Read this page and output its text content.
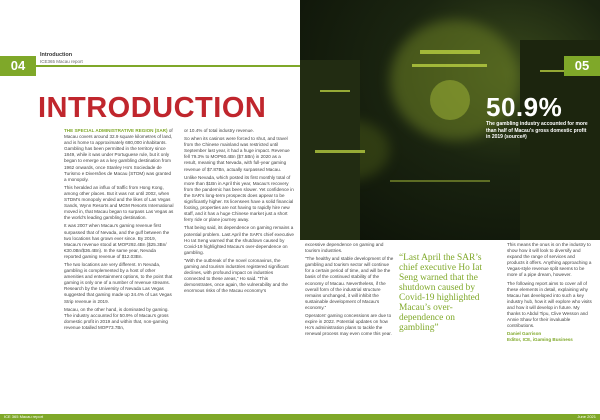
04
Introduction
ICE365 Macau report	05
50.9%
The gambling industry accounted for more than half of Macau’s gross domestic profit in 2019 (source#)
INTRODUCTION

THE SPECIAL ADMINISTRATIVE REGION (SAR) of Macau covers around 32.9 square kilometres of land, and is home to approximately 680,000 inhabitants. Gambling has been permitted in the territory since 1849, while it was under Portuguese rule, but it only began to emerge as a key gambling destination from 1962 onwards, once Stanley Ho’s Sociedade de Turismo e Diversões de Macau (STDM) was granted a monopoly.

This heralded an influx of traffic from Hong Kong, among other places. But it was not until 2002, when STDM’s monopoly ended and the likes of Las Vegas Sands, Wynn Resorts and MGM Resorts International moved in, that Macau began to surpass Las Vegas as the world’s leading gambling destination.

It was 2007 when Macau’s gaming revenue first surpassed that of Nevada, and the gulf between the two locations has grown ever since. By 2019, Macau’s revenue stood at MOP292.4Bn ($25.3Bn/€30.0Bn/$36.4Bn). In the same year, Nevada reported gaming revenue of $12.03Bn.

The two locations are very different. In Nevada, gambling is complemented by a host of other amenities and entertainment options, to the point that gaming is only one of a number of revenue streams. Research by the University of Nevada Las Vegas suggested that gaming made up 34.4% of Las Vegas Strip revenue in 2019.

Macau, on the other hand, is dominated by gaming. The industry accounted for 50.9% of Macau’s gross domestic profit in 2019 and within that, non-gaming revenue totalled MOP73.7Bn,

or 10.4% of total industry revenue.

So when its casinos were forced to shut, and travel from the Chinese mainland was restricted until September last year, it had a huge impact. Revenue fell 79.3% to MOP60.4Bn ($7.5Bn) in 2020 as a result, meaning that Nevada, with full-year gaming revenue of $7.87Bn, actually surpassed Macau.

Unlike Nevada, which posted its first monthly total of more than $1Bn in April this year, Macau’s recovery from the pandemic has been slower. Yet confidence in the SAR’s long-term prospects does appear to be significantly higher. Its licensees have a solid financial footing, properties are not having to rapidly hire new staff, and it has a huge Chinese market just a short ferry ride or plane journey away.

That being said, its dependence on gaming remains a potential problem. Last April the SAR’s chief executive Ho Iat Seng warned that the shutdown caused by Covid-19 highlighted Macau’s over-dependence on gambling.

“With the outbreak of the novel coronavirus, the gaming and tourism industries registered significant declines, with profound impact on industries connected to these areas,” Ho said. “This demonstrates, once again, the vulnerability and the enormous risks of the Macau economy’s

excessive dependence on gaming and tourism industries.

“The healthy and stable development of the gambling and tourism sector will continue for a certain period of time, and will be the basis of the continued stability of the economy of Macau. Nevertheless, if the overall form of the industrial structure remains unchanged, it will inhibit the sustainable development of Macau’s economy.”

Operators’ gaming concessions are due to expire in 2022. Potential updates on how Ho’s administration plans to tackle the renewal process may even come this year.

“Last April the SAR’s chief executive Ho Iat Seng warned that the shutdown caused by Covid-19 highlighted Macau’s over-dependence on gambling”

This means the onus is on the industry to show how it will look to diversify and expand the range of services and products it offers. Anything approaching a Vegas-style revenue split seems to be more of a pipe dream, however.

The following report aims to cover all of these elements in detail, explaining why Macau has developed into such a key industry hub, how it will explore who visits and how it will develop in future. My thanks to Abdul Tipu, Clive Wesson and Annie Shaw for their invaluable contributions.

Daniel Garrison
Editor, ICE, iGaming Business

ICE 365 Macau report	June 2021
